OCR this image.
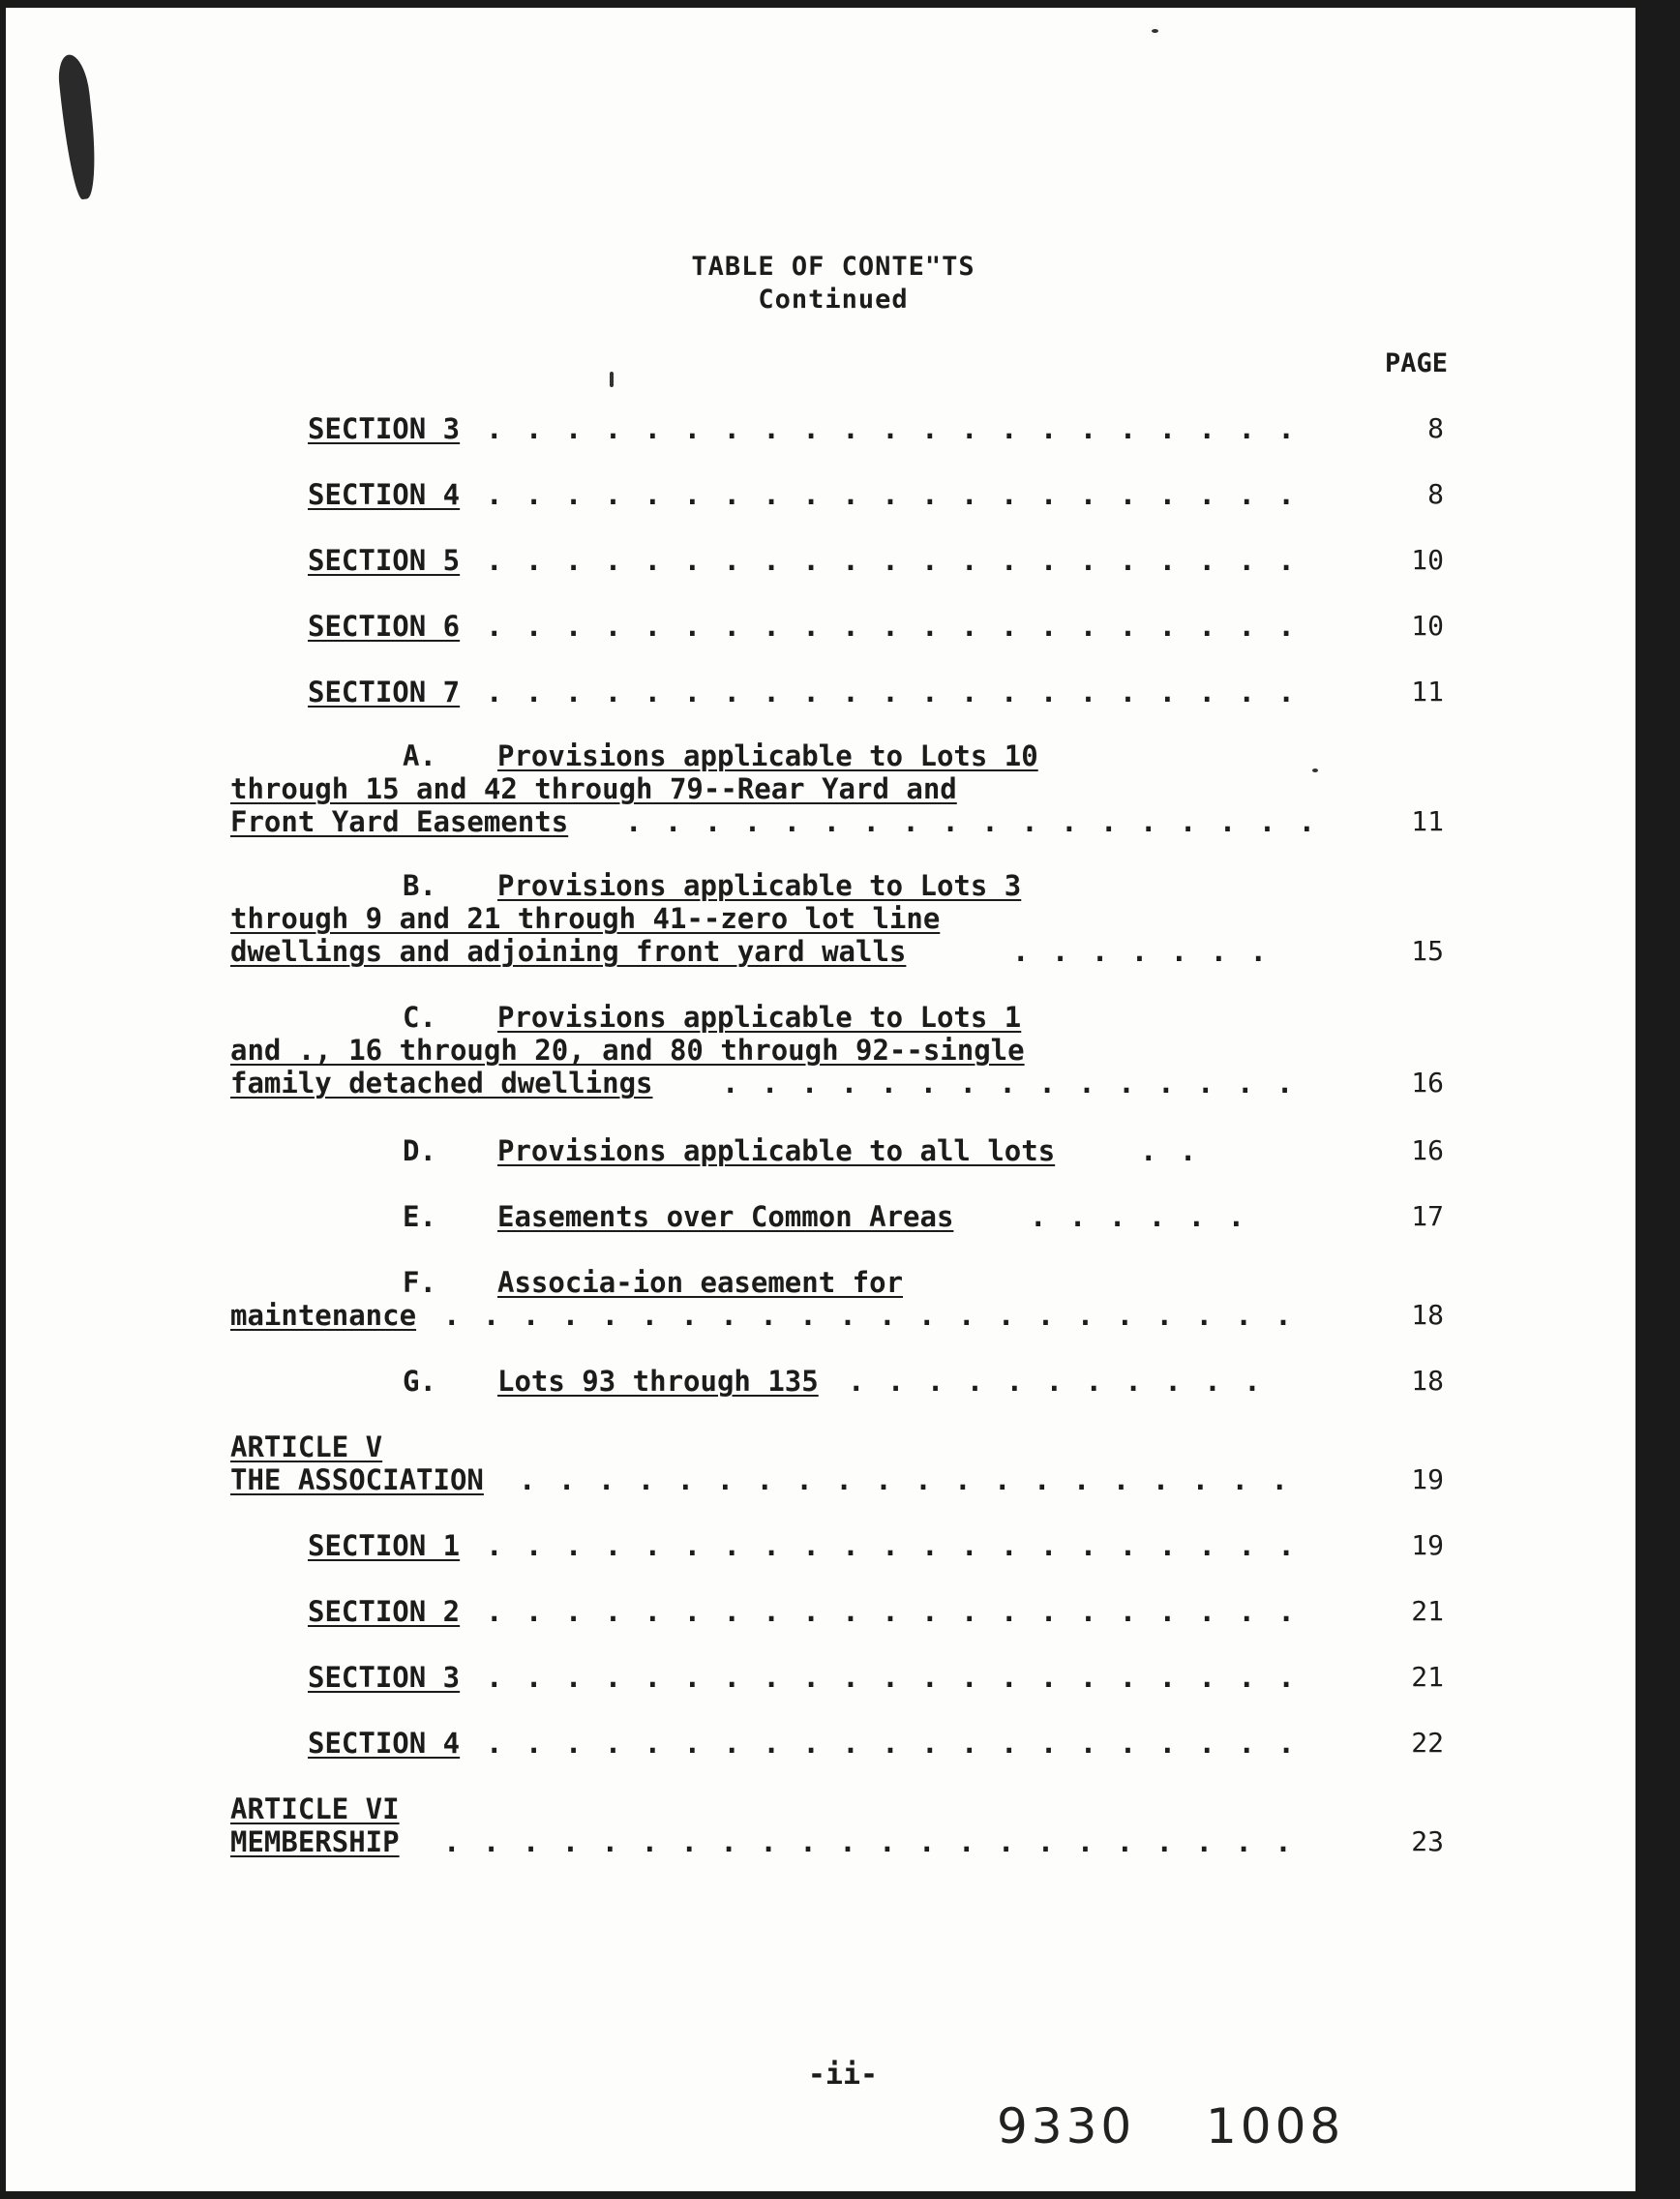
TABLE OF CONTE"TS
Continued
PAGE
SECTION 3 . . . . . . . . . . . . . . . . . . . . .	8
SECTION 4 . . . . . . . . . . . . . . . . . . . . .	8
SECTION 5 . . . . . . . . . . . . . . . . . . . . .	10
SECTION 6 . . . . . . . . . . . . . . . . . . . . .	10
SECTION 7 . . . . . . . . . . . . . . . . . . . . .	11
A. Provisions applicable to Lots 10
through 15 and 42 through 79--Rear Yard and
Front Yard Easements . . . . . . . . . . . . . . . . . .	11
B. Provisions applicable to Lots 3
through 9 and 21 through 41--zero lot line
dwellings and adjoining front yard walls	. . . . . . .	15
C. Provisions applicable to Lots 1
and ., 16 through 20, and 80 through 92--single
family detached dwellings . . . . . . . . . . . . . . .	16
D. Provisions applicable to all lots	. .	16
E. Easements over Common Areas	. . . . . .	17
F. Associa-ion easement for
maintenance . . . . . . . . . . . . . . . . . . . . . .	18
G. Lots 93 through 135 . . . . . . . . . . .	18
ARTICLE V
THE ASSOCIATION . . . . . . . . . . . . . . . . . . . .	19
SECTION 1 . . . . . . . . . . . . . . . . . . . . .	19
SECTION 2 . . . . . . . . . . . . . . . . . . . . .	21
SECTION 3 . . . . . . . . . . . . . . . . . . . . .	21
SECTION 4 . . . . . . . . . . . . . . . . . . . . .	22
ARTICLE VI
MEMBERSHIP . . . . . . . . . . . . . . . . . . . . . .	23
-ii-
9330 1008
